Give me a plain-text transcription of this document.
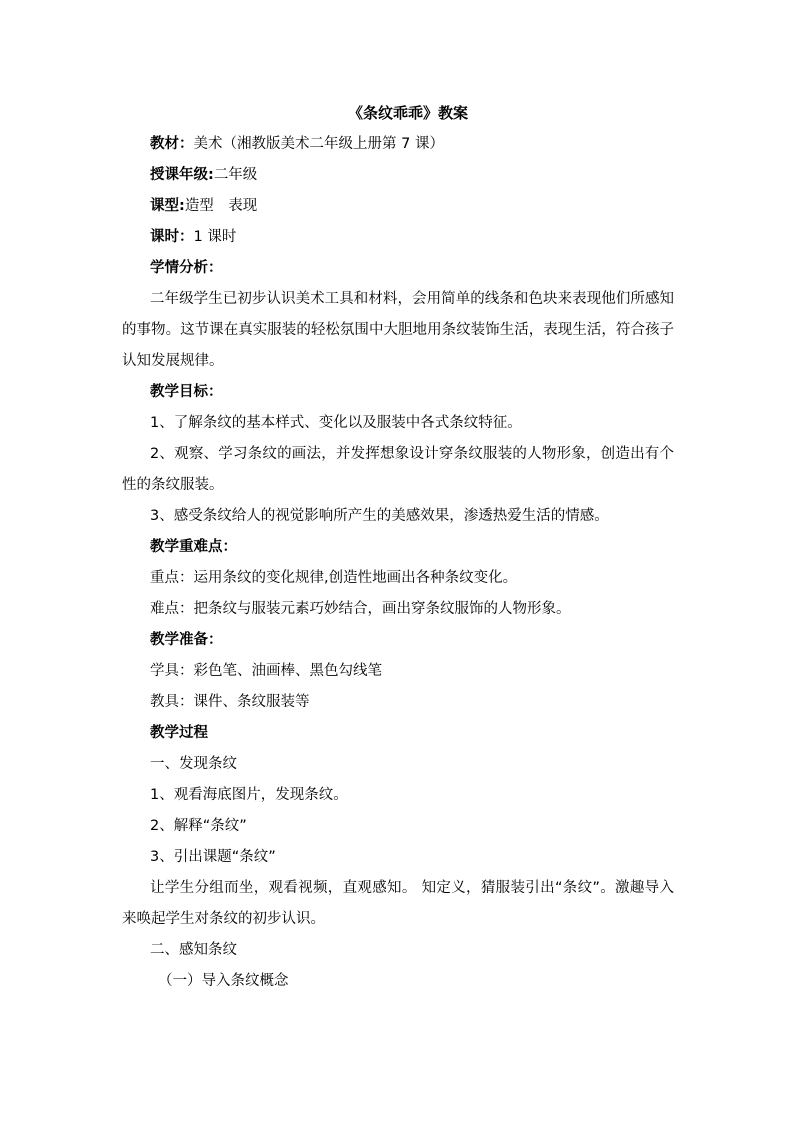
《条纹乖乖》教案

教材：美术（湘教版美术二年级上册第 7 课）

授课年级:二年级

课型:造型　表现

课时：1 课时

学情分析：

二年级学生已初步认识美术工具和材料，会用简单的线条和色块来表现他们所感知的事物。这节课在真实服装的轻松氛围中大胆地用条纹装饰生活，表现生活，符合孩子认知发展规律。

教学目标：

1、了解条纹的基本样式、变化以及服装中各式条纹特征。

2、观察、学习条纹的画法，并发挥想象设计穿条纹服装的人物形象，创造出有个性的条纹服装。

3、感受条纹给人的视觉影响所产生的美感效果，渗透热爱生活的情感。

教学重难点：

重点：运用条纹的变化规律,创造性地画出各种条纹变化。

难点：把条纹与服装元素巧妙结合，画出穿条纹服饰的人物形象。

教学准备：

学具：彩色笔、油画棒、黑色勾线笔

教具：课件、条纹服装等

教学过程

一、发现条纹

1、观看海底图片，发现条纹。

2、解释“条纹”

3、引出课题“条纹”

让学生分组而坐，观看视频，直观感知。 知定义，猜服装引出“条纹”。激趣导入来唤起学生对条纹的初步认识。

二、感知条纹

（一）导入条纹概念
